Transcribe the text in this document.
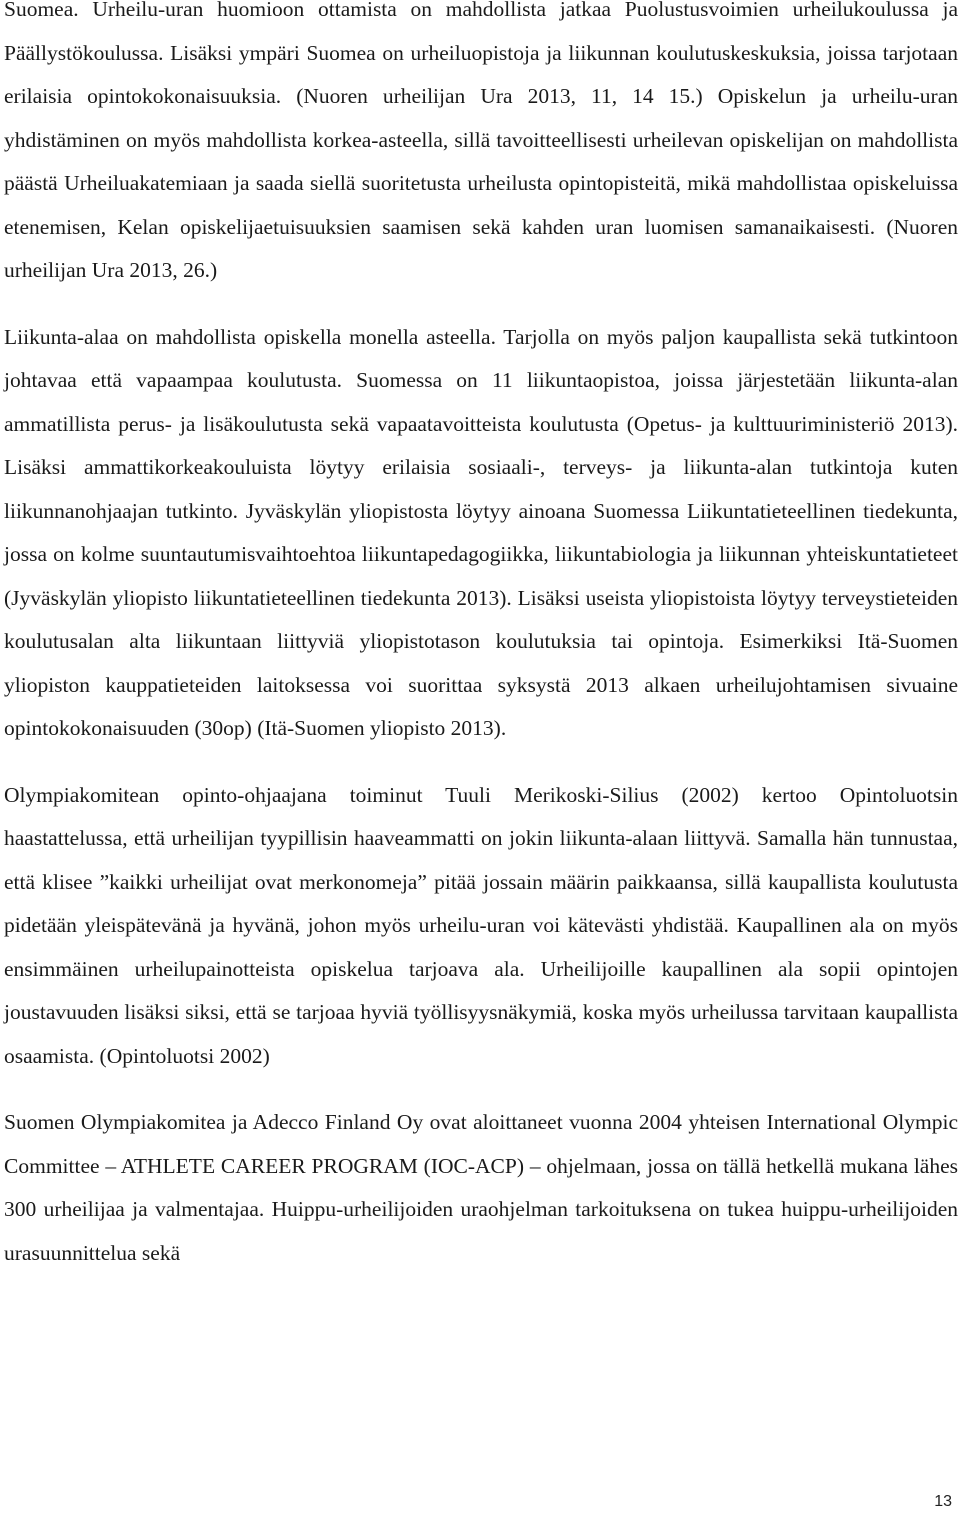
Suomea. Urheilu-uran huomioon ottamista on mahdollista jatkaa Puolustusvoimien urheilukoulussa ja Päällystökoulussa. Lisäksi ympäri Suomea on urheiluopistoja ja liikunnan koulutuskeskuksia, joissa tarjotaan erilaisia opintokokonaisuuksia. (Nuoren urheilijan Ura 2013, 11, 14 15.) Opiskelun ja urheilu-uran yhdistäminen on myös mahdollista korkea-asteella, sillä tavoitteellisesti urheilevan opiskelijan on mahdollista päästä Urheiluakatemiaan ja saada siellä suoritetusta urheilusta opintopisteitä, mikä mahdollistaa opiskeluissa etenemisen, Kelan opiskelijaetuisuuksien saamisen sekä kahden uran luomisen samanaikaisesti. (Nuoren urheilijan Ura 2013, 26.)

Liikunta-alaa on mahdollista opiskella monella asteella. Tarjolla on myös paljon kaupallista sekä tutkintoon johtavaa että vapaampaa koulutusta. Suomessa on 11 liikuntaopistoa, joissa järjestetään liikunta-alan ammatillista perus- ja lisäkoulutusta sekä vapaatavoitteista koulutusta (Opetus- ja kulttuuriministeriö 2013). Lisäksi ammattikorkeakouluista löytyy erilaisia sosiaali-, terveys- ja liikunta-alan tutkintoja kuten liikunnanohjaajan tutkinto. Jyväskylän yliopistosta löytyy ainoana Suomessa Liikuntatieteellinen tiedekunta, jossa on kolme suuntautumisvaihtoehtoa liikuntapedagogiikka, liikuntabiologia ja liikunnan yhteiskuntatieteet (Jyväskylän yliopisto liikuntatieteellinen tiedekunta 2013). Lisäksi useista yliopistoista löytyy terveystieteiden koulutusalan alta liikuntaan liittyviä yliopistotason koulutuksia tai opintoja. Esimerkiksi Itä-Suomen yliopiston kauppatieteiden laitoksessa voi suorittaa syksystä 2013 alkaen urheilujohtamisen sivuaine opintokokonaisuuden (30op) (Itä-Suomen yliopisto 2013).

Olympiakomitean opinto-ohjaajana toiminut Tuuli Merikoski-Silius (2002) kertoo Opintoluotsin haastattelussa, että urheilijan tyypillisin haaveammatti on jokin liikunta-alaan liittyvä. Samalla hän tunnustaa, että klisee ”kaikki urheilijat ovat merkonomeja” pitää jossain määrin paikkaansa, sillä kaupallista koulutusta pidetään yleispätevänä ja hyvänä, johon myös urheilu-uran voi kätevästi yhdistää. Kaupallinen ala on myös ensimmäinen urheilupainotteista opiskelua tarjoava ala. Urheilijoille kaupallinen ala sopii opintojen joustavuuden lisäksi siksi, että se tarjoaa hyviä työllisyysnäkymiä, koska myös urheilussa tarvitaan kaupallista osaamista. (Opintoluotsi 2002)

Suomen Olympiakomitea ja Adecco Finland Oy ovat aloittaneet vuonna 2004 yhteisen International Olympic Committee – ATHLETE CAREER PROGRAM (IOC-ACP) – ohjelmaan, jossa on tällä hetkellä mukana lähes 300 urheilijaa ja valmentajaa. Huippu-urheilijoiden uraohjelman tarkoituksena on tukea huippu-urheilijoiden urasuunnittelua sekä

13
